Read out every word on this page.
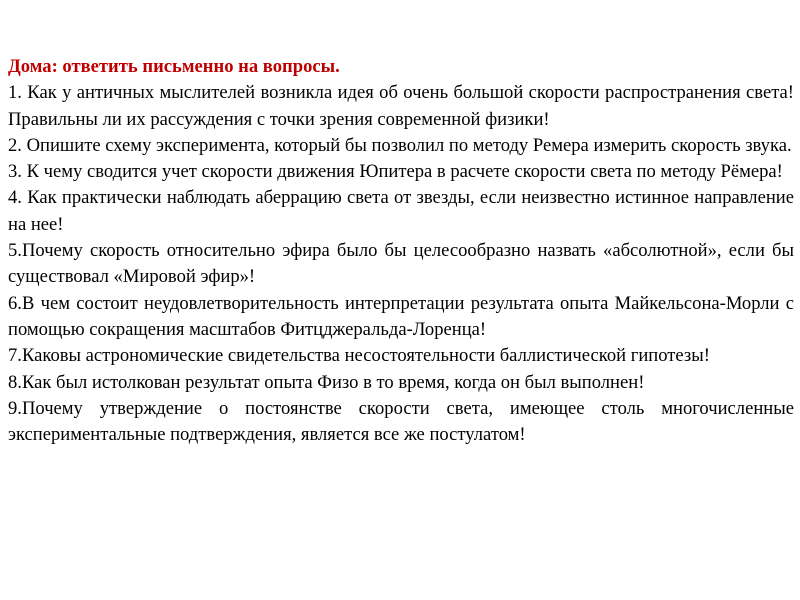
Дома: ответить письменно на вопросы.

1. Как у античных мыслителей возникла идея об очень большой скорости распространения света! Правильны ли их рассуждения с точки зрения современной физики!

2. Опишите схему эксперимента, который бы позволил по методу Ремера измерить скорость звука.

3. К чему сводится учет скорости движения Юпитера в расчете скорости света по методу Рёмера!

4. Как практически наблюдать аберрацию света от звезды, если неизвестно истинное направление на нее!

5.Почему скорость относительно эфира было бы целесообразно назвать «абсолютной», если бы существовал «Мировой эфир»!

6.В чем состоит неудовлетворительность интерпретации результата опыта Майкельсона-Морли с помощью сокращения масштабов Фитцджеральда-Лоренца!

7.Каковы астрономические свидетельства несостоятельности баллистической гипотезы!

8.Как был истолкован результат опыта Физо в то время, когда он был выполнен!

9.Почему утверждение о постоянстве скорости света, имеющее столь многочисленные экспериментальные подтверждения, является все же постулатом!
